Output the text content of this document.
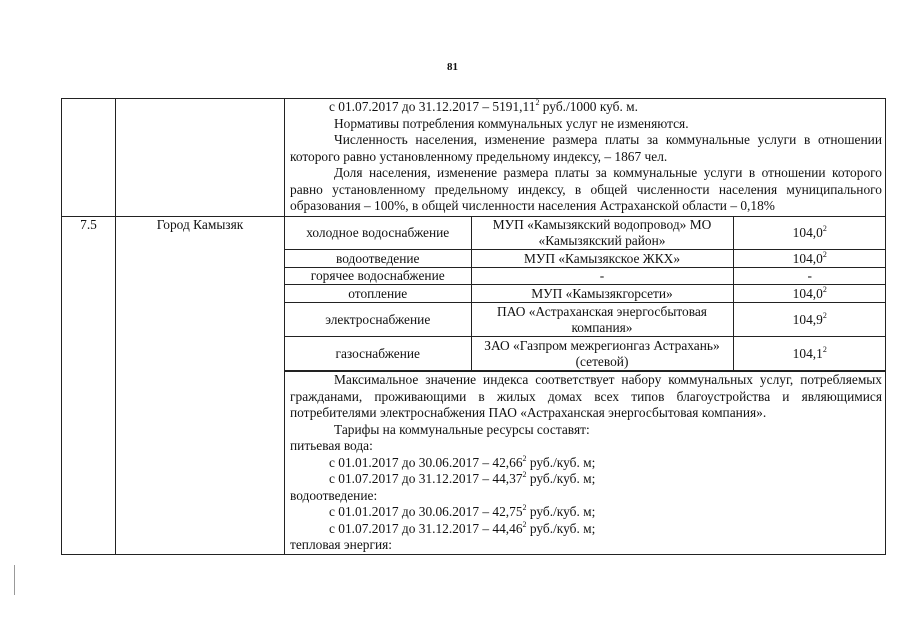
81

с 01.07.2017 до 31.12.2017 – 5191,11$^2$ руб./1000 куб. м.
Нормативы потребления коммунальных услуг не изменяются.
Численность населения, изменение размера платы за коммунальные услуги в отношении которого равно установленному предельному индексу, – 1867 чел.
Доля населения, изменение размера платы за коммунальные услуги в отношении которого равно установленному предельному индексу, в общей численности населения муниципального образования – 100%, в общей численности населения Астраханской области – 0,18%

7.5	Город Камызяк	
холодное водоснабжение	МУП «Камызякский водопровод» МО «Камызякский район»	104,0$^2$
водоотведение	МУП «Камызякское ЖКХ»	104,0$^2$
горячее водоснабжение	-	-
отопление	МУП «Камызякгорсети»	104,0$^2$
электроснабжение	ПАО «Астраханская энергосбытовая компания»	104,9$^2$
газоснабжение	ЗАО «Газпром межрегионгаз Астрахань» (сетевой)	104,1$^2$
Максимальное значение индекса соответствует набору коммунальных услуг, потребляемых гражданами, проживающими в жилых домах всех типов благоустройства и являющимися потребителями электроснабжения ПАО «Астраханская энергосбытовая компания».
Тарифы на коммунальные ресурсы составят:
питьевая вода:
с 01.01.2017 до 30.06.2017 – 42,66$^2$ руб./куб. м;
с 01.07.2017 до 31.12.2017 – 44,37$^2$ руб./куб. м;
водоотведение:
с 01.01.2017 до 30.06.2017 – 42,75$^2$ руб./куб. м;
с 01.07.2017 до 31.12.2017 – 44,46$^2$ руб./куб. м;
тепловая энергия:
